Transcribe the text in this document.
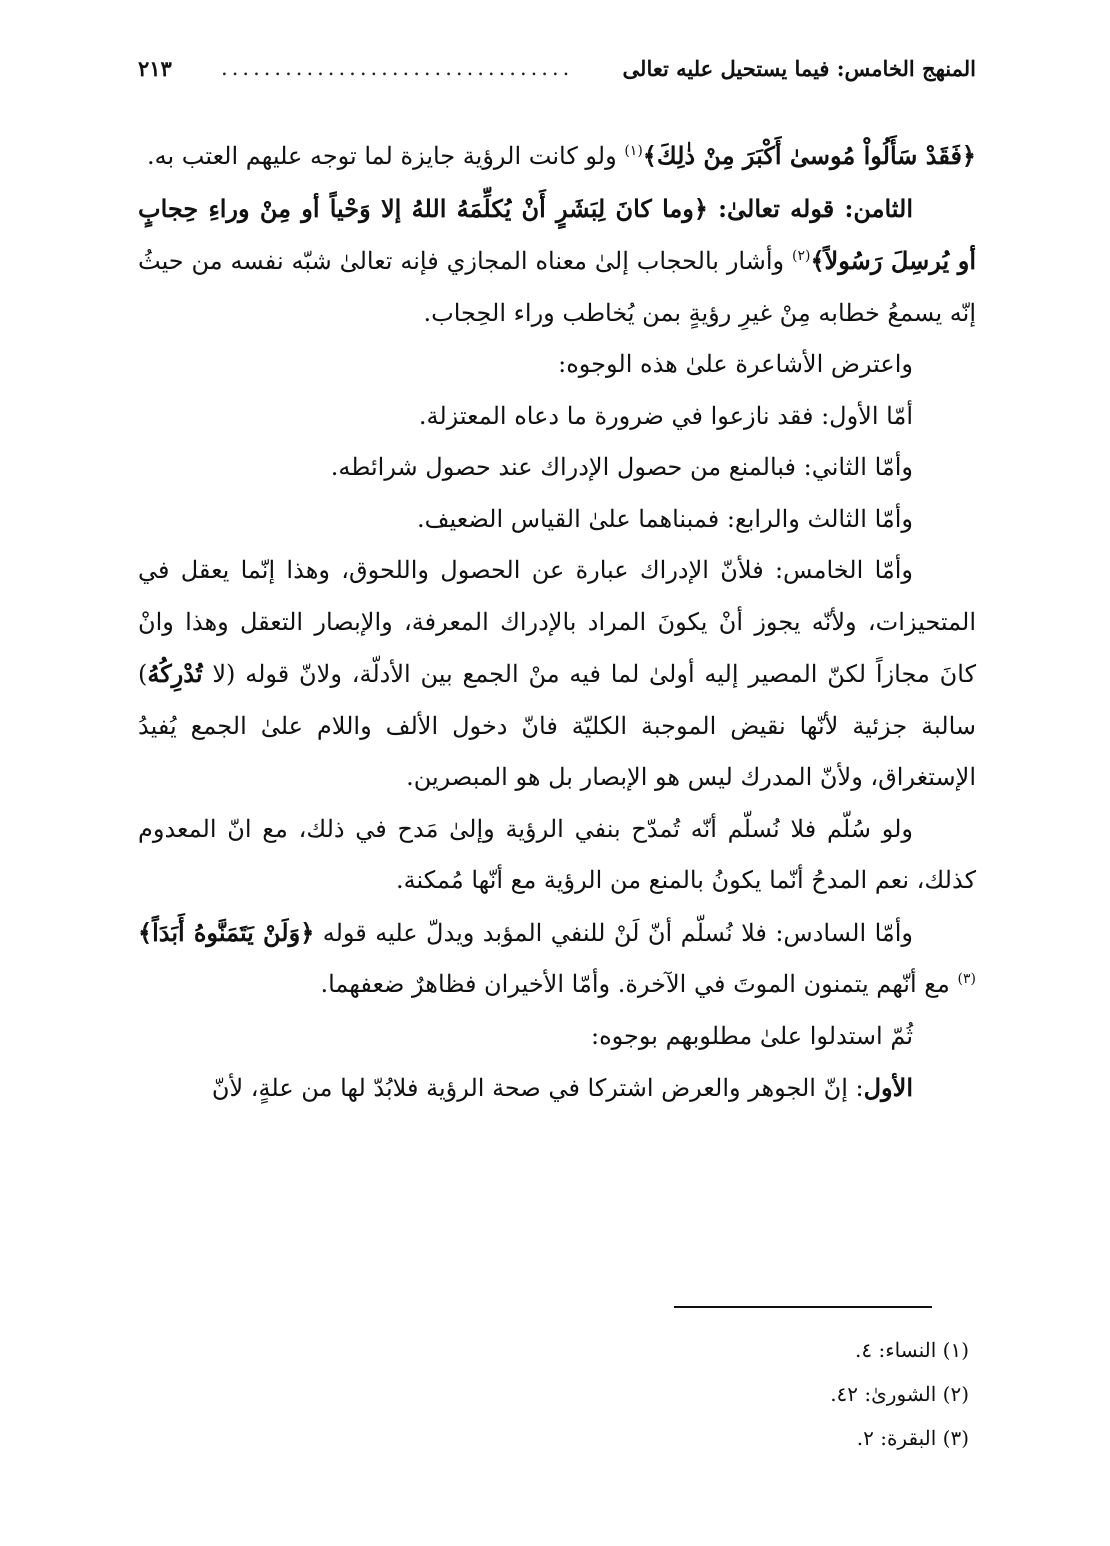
المنهج الخامس: فيما يستحيل عليه تعالى
.................................
٢١٣

﴿فَقَدْ سَأَلُواْ مُوسىٰ أَكْبَرَ مِنْ ذٰلِكَ﴾$^{(١)}$ ولو كانت الرؤية جايزة لما توجه عليهم العتب به.

الثامن: قوله تعالىٰ: ﴿وما كانَ لِبَشَرٍ أَنْ يُكلِّمَهُ اللهُ إلا وَحْياً أو مِنْ وراءِ حِجابٍ أو يُرسِلَ رَسُولاً﴾$^{(٢)}$ وأشار بالحجاب إلىٰ معناه المجازي فإنه تعالىٰ شبّه نفسه من حيثُ إنّه يسمعُ خطابه مِنْ غيرِ رؤيةٍ بمن يُخاطب وراء الحِجاب.

واعترض الأشاعرة علىٰ هذه الوجوه:

أمّا الأول: فقد نازعوا في ضرورة ما دعاه المعتزلة.

وأمّا الثاني: فبالمنع من حصول الإدراك عند حصول شرائطه.

وأمّا الثالث والرابع: فمبناهما علىٰ القياس الضعيف.

وأمّا الخامس: فلأنّ الإدراك عبارة عن الحصول واللحوق، وهذا إنّما يعقل في المتحيزات، ولأنّه يجوز أنْ يكونَ المراد بالإدراك المعرفة، والإبصار التعقل وهذا وانْ كانَ مجازاً لكنّ المصير إليه أولىٰ لما فيه منْ الجمع بين الأدلّة، ولانّ قوله (لا تُدْرِكُهُ) سالبة جزئية لأنّها نقيض الموجبة الكليّة فانّ دخول الألف واللام علىٰ الجمع يُفيدُ الإستغراق، ولأنّ المدرك ليس هو الإبصار بل هو المبصرين.

ولو سُلّم فلا نُسلّم أنّه تُمدّح بنفي الرؤية وإلىٰ مَدح في ذلك، مع انّ المعدوم كذلك، نعم المدحُ أنّما يكونُ بالمنع من الرؤية مع أنّها مُمكنة.

وأمّا السادس: فلا نُسلّم أنّ لَنْ للنفي المؤبد ويدلّ عليه قوله ﴿وَلَنْ يَتَمَنَّوهُ أَبَدَاً﴾$^{(٣)}$ مع أنّهم يتمنون الموتَ في الآخرة. وأمّا الأخيران فظاهرٌ ضعفهما.

ثُمّ استدلوا علىٰ مطلوبهم بوجوه:

الأول: إنّ الجوهر والعرض اشتركا في صحة الرؤية فلابُدّ لها من علةٍ، لأنّ

(١) النساء: ٤.
(٢) الشورىٰ: ٤٢.
(٣) البقرة: ٢.
